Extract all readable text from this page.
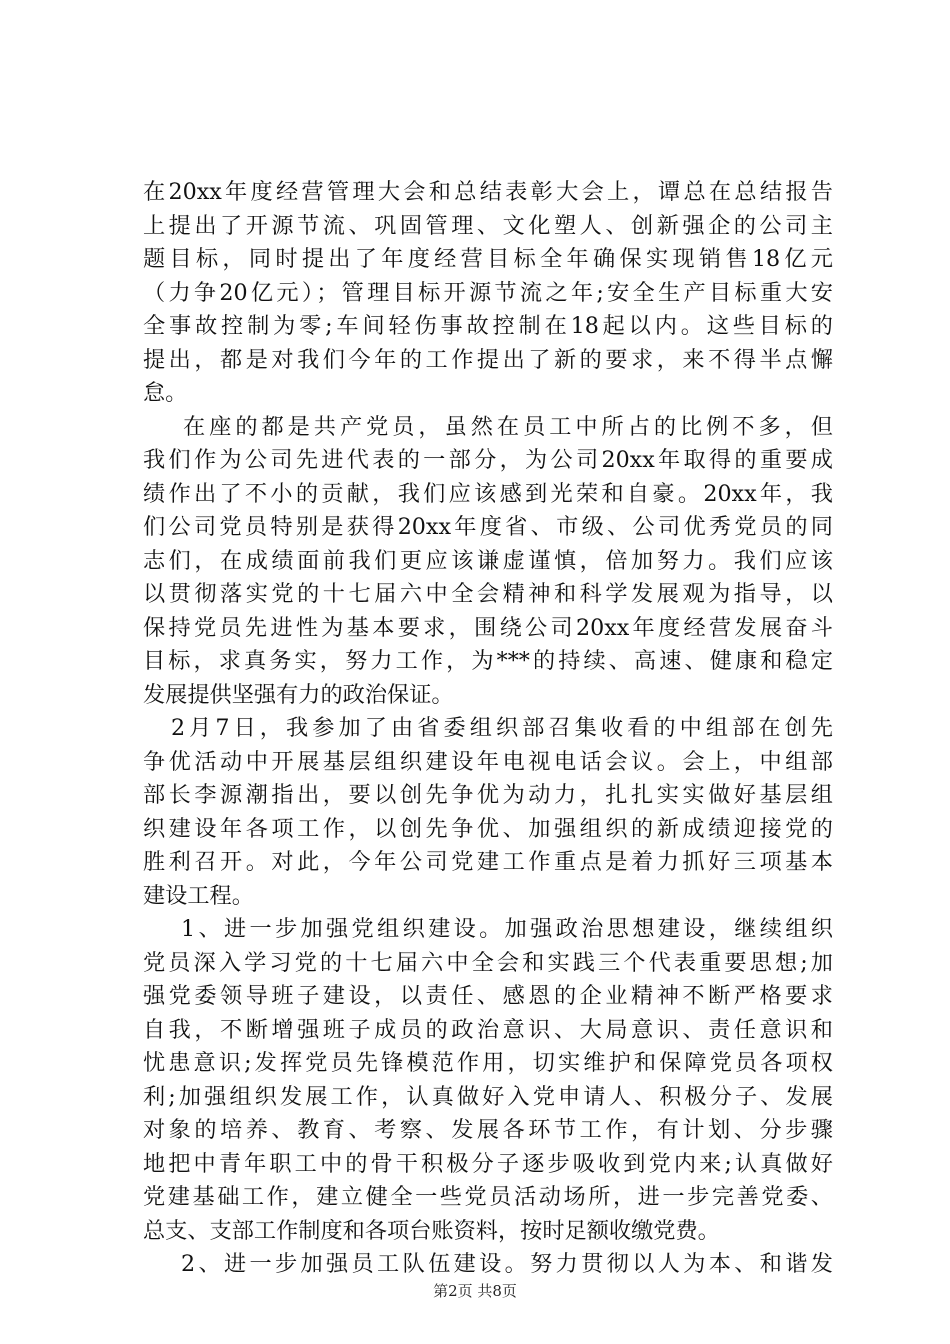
在20xx年度经营管理大会和总结表彰大会上，谭总在总结报告
上提出了开源节流、巩固管理、文化塑人、创新强企的公司主
题目标，同时提出了年度经营目标全年确保实现销售18亿元
（力争20亿元）；管理目标开源节流之年;安全生产目标重大安
全事故控制为零;车间轻伤事故控制在18起以内。这些目标的
提出，都是对我们今年的工作提出了新的要求，来不得半点懈
怠。
在座的都是共产党员，虽然在员工中所占的比例不多，但
我们作为公司先进代表的一部分，为公司20xx年取得的重要成
绩作出了不小的贡献，我们应该感到光荣和自豪。20xx年，我
们公司党员特别是获得20xx年度省、市级、公司优秀党员的同
志们，在成绩面前我们更应该谦虚谨慎，倍加努力。我们应该
以贯彻落实党的十七届六中全会精神和科学发展观为指导，以
保持党员先进性为基本要求，围绕公司20xx年度经营发展奋斗
目标，求真务实，努力工作，为***的持续、高速、健康和稳定
发展提供坚强有力的政治保证。
2月7日，我参加了由省委组织部召集收看的中组部在创先
争优活动中开展基层组织建设年电视电话会议。会上，中组部
部长李源潮指出，要以创先争优为动力，扎扎实实做好基层组
织建设年各项工作，以创先争优、加强组织的新成绩迎接党的
胜利召开。对此，今年公司党建工作重点是着力抓好三项基本
建设工程。
1、进一步加强党组织建设。加强政治思想建设，继续组织
党员深入学习党的十七届六中全会和实践三个代表重要思想;加
强党委领导班子建设，以责任、感恩的企业精神不断严格要求
自我，不断增强班子成员的政治意识、大局意识、责任意识和
忧患意识;发挥党员先锋模范作用，切实维护和保障党员各项权
利;加强组织发展工作，认真做好入党申请人、积极分子、发展
对象的培养、教育、考察、发展各环节工作，有计划、分步骤
地把中青年职工中的骨干积极分子逐步吸收到党内来;认真做好
党建基础工作，建立健全一些党员活动场所，进一步完善党委、
总支、支部工作制度和各项台账资料，按时足额收缴党费。
2、进一步加强员工队伍建设。努力贯彻以人为本、和谐发
第2页 共8页
